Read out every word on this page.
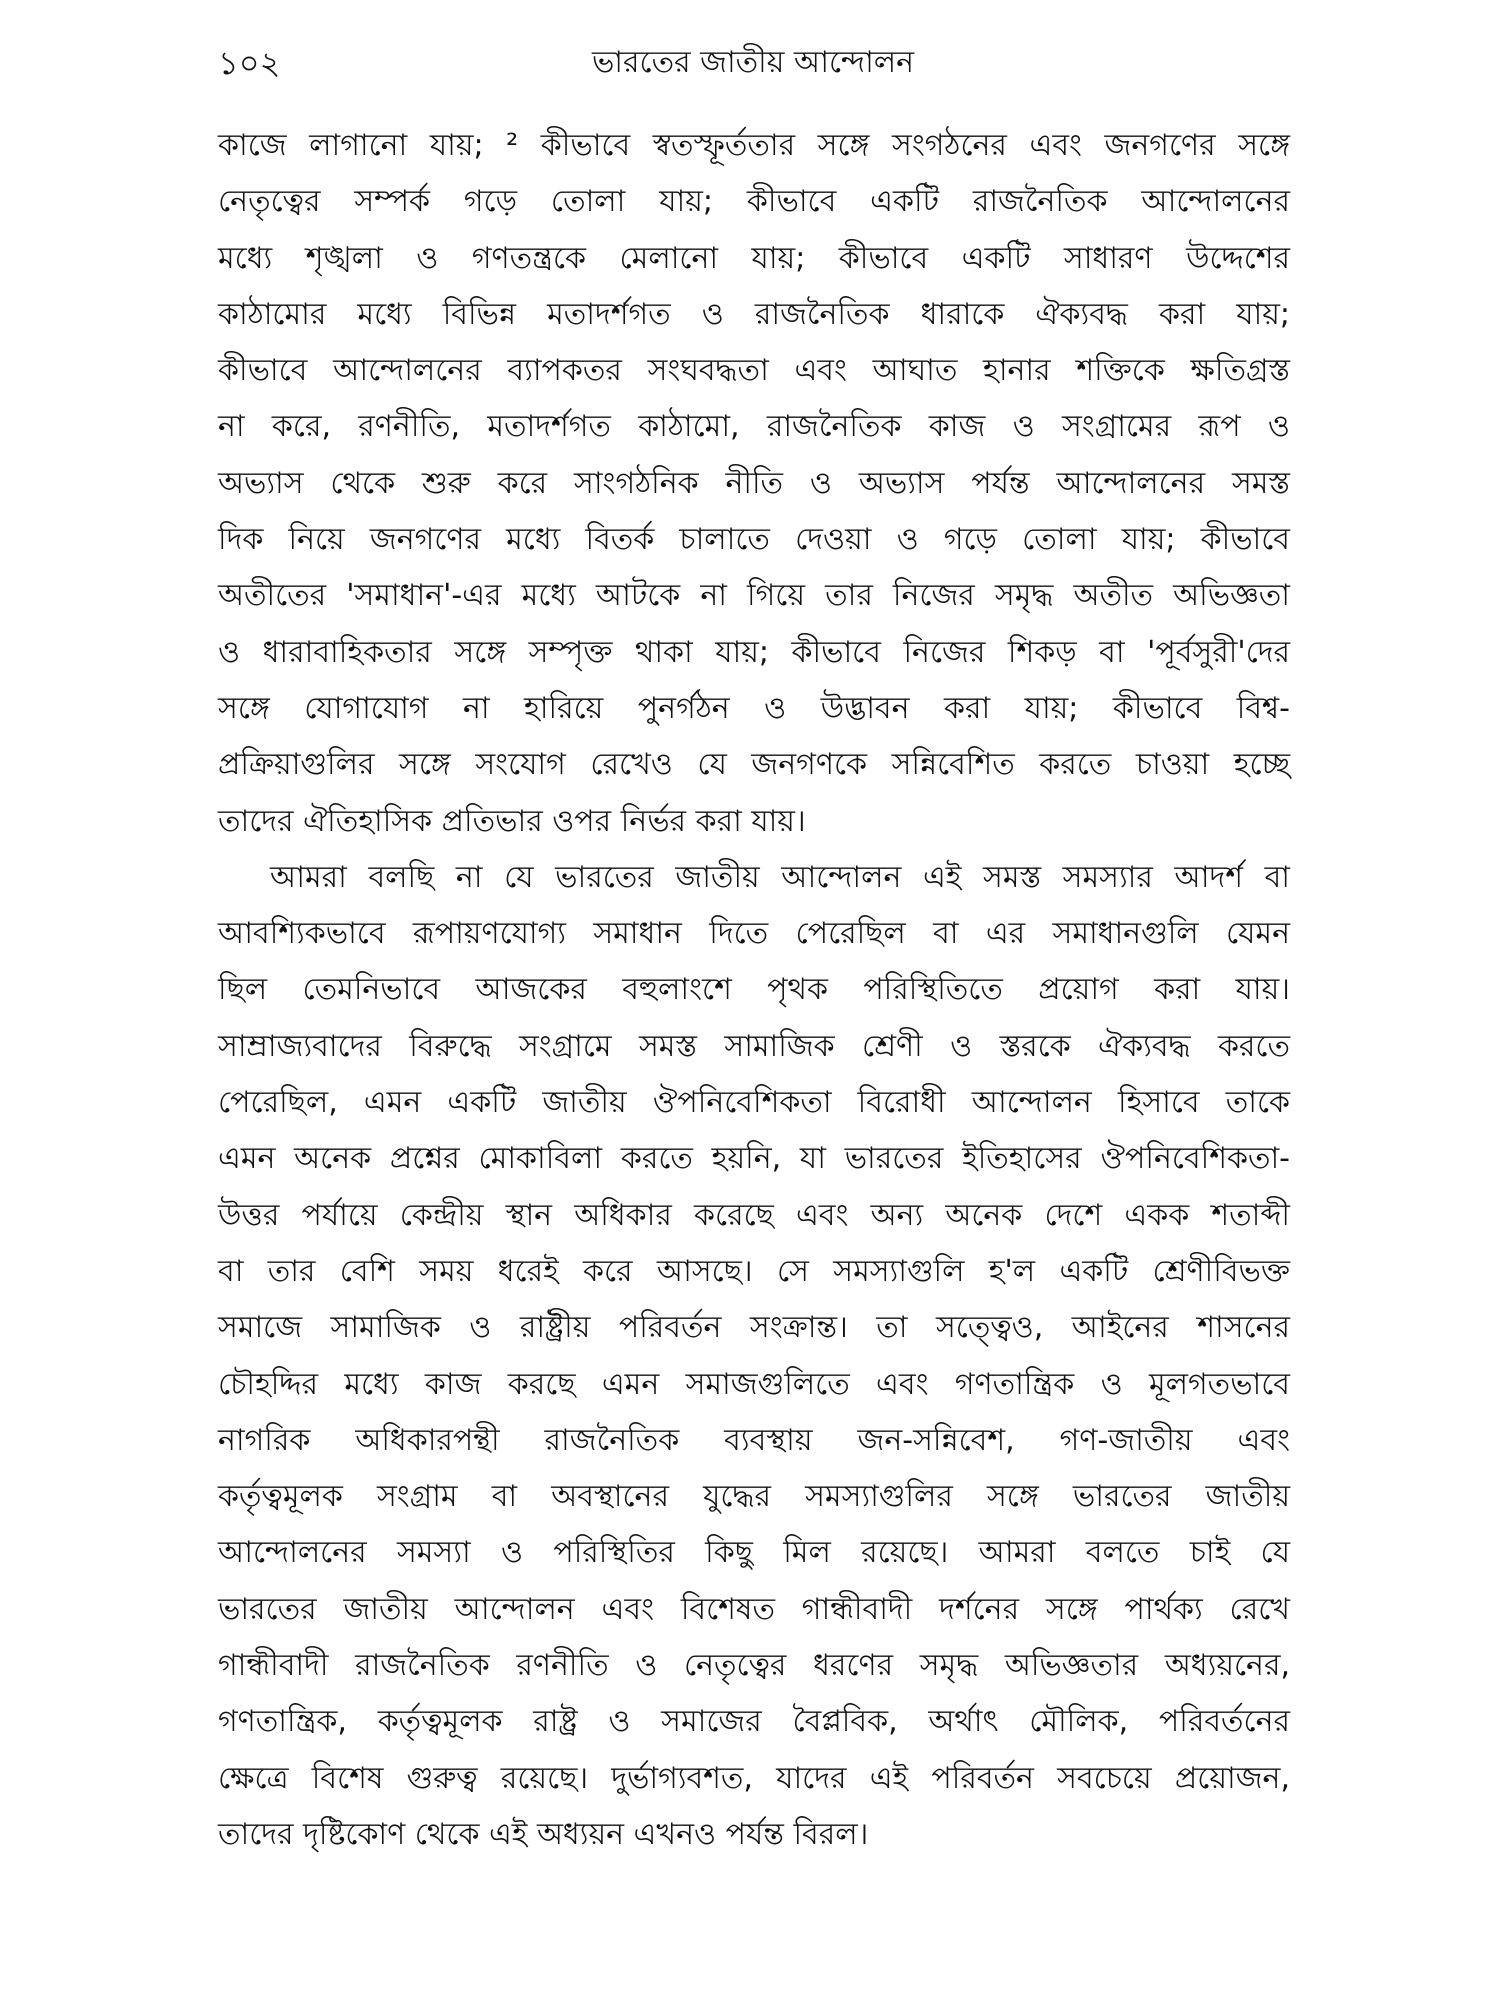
১০২	ভারতের জাতীয় আন্দোলন
কাজে লাগানো যায়; ² কীভাবে স্বতস্ফূর্ততার সঙ্গে সংগঠনের এবং জনগণের সঙ্গে
নেতৃত্বের সম্পর্ক গড়ে তোলা যায়; কীভাবে একটি রাজনৈতিক আন্দোলনের
মধ্যে শৃঙ্খলা ও গণতন্ত্রকে মেলানো যায়; কীভাবে একটি সাধারণ উদ্দেশের
কাঠামোর মধ্যে বিভিন্ন মতাদর্শগত ও রাজনৈতিক ধারাকে ঐক্যবদ্ধ করা যায়;
কীভাবে আন্দোলনের ব্যাপকতর সংঘবদ্ধতা এবং আঘাত হানার শক্তিকে ক্ষতিগ্রস্ত
না করে, রণনীতি, মতাদর্শগত কাঠামো, রাজনৈতিক কাজ ও সংগ্রামের রূপ ও
অভ্যাস থেকে শুরু করে সাংগঠনিক নীতি ও অভ্যাস পর্যন্ত আন্দোলনের সমস্ত
দিক নিয়ে জনগণের মধ্যে বিতর্ক চালাতে দেওয়া ও গড়ে তোলা যায়; কীভাবে
অতীতের 'সমাধান'-এর মধ্যে আটকে না গিয়ে তার নিজের সমৃদ্ধ অতীত অভিজ্ঞতা
ও ধারাবাহিকতার সঙ্গে সম্পৃক্ত থাকা যায়; কীভাবে নিজের শিকড় বা 'পূর্বসুরী'দের
সঙ্গে যোগাযোগ না হারিয়ে পুনর্গঠন ও উদ্ভাবন করা যায়; কীভাবে বিশ্ব-
প্রক্রিয়াগুলির সঙ্গে সংযোগ রেখেও যে জনগণকে সন্নিবেশিত করতে চাওয়া হচ্ছে
তাদের ঐতিহাসিক প্রতিভার ওপর নির্ভর করা যায়।
আমরা বলছি না যে ভারতের জাতীয় আন্দোলন এই সমস্ত সমস্যার আদর্শ বা
আবশ্যিকভাবে রূপায়ণযোগ্য সমাধান দিতে পেরেছিল বা এর সমাধানগুলি যেমন
ছিল তেমনিভাবে আজকের বহুলাংশে পৃথক পরিস্থিতিতে প্রয়োগ করা যায়।
সাম্রাজ্যবাদের বিরুদ্ধে সংগ্রামে সমস্ত সামাজিক শ্রেণী ও স্তরকে ঐক্যবদ্ধ করতে
পেরেছিল, এমন একটি জাতীয় ঔপনিবেশিকতা বিরোধী আন্দোলন হিসাবে তাকে
এমন অনেক প্রশ্নের মোকাবিলা করতে হয়নি, যা ভারতের ইতিহাসের ঔপনিবেশিকতা-
উত্তর পর্যায়ে কেন্দ্রীয় স্থান অধিকার করেছে এবং অন্য অনেক দেশে একক শতাব্দী
বা তার বেশি সময় ধরেই করে আসছে। সে সমস্যাগুলি হ'ল একটি শ্রেণীবিভক্ত
সমাজে সামাজিক ও রাষ্ট্রীয় পরিবর্তন সংক্রান্ত। তা সত্ত্বেও, আইনের শাসনের
চৌহদ্দির মধ্যে কাজ করছে এমন সমাজগুলিতে এবং গণতান্ত্রিক ও মূলগতভাবে
নাগরিক অধিকারপন্থী রাজনৈতিক ব্যবস্থায় জন-সন্নিবেশ, গণ-জাতীয় এবং
কর্তৃত্বমূলক সংগ্রাম বা অবস্থানের যুদ্ধের সমস্যাগুলির সঙ্গে ভারতের জাতীয়
আন্দোলনের সমস্যা ও পরিস্থিতির কিছু মিল রয়েছে। আমরা বলতে চাই যে
ভারতের জাতীয় আন্দোলন এবং বিশেষত গান্ধীবাদী দর্শনের সঙ্গে পার্থক্য রেখে
গান্ধীবাদী রাজনৈতিক রণনীতি ও নেতৃত্বের ধরণের সমৃদ্ধ অভিজ্ঞতার অধ্যয়নের,
গণতান্ত্রিক, কর্তৃত্বমূলক রাষ্ট্র ও সমাজের বৈপ্লবিক, অর্থাৎ মৌলিক, পরিবর্তনের
ক্ষেত্রে বিশেষ গুরুত্ব রয়েছে। দুর্ভাগ্যবশত, যাদের এই পরিবর্তন সবচেয়ে প্রয়োজন,
তাদের দৃষ্টিকোণ থেকে এই অধ্যয়ন এখনও পর্যন্ত বিরল।
